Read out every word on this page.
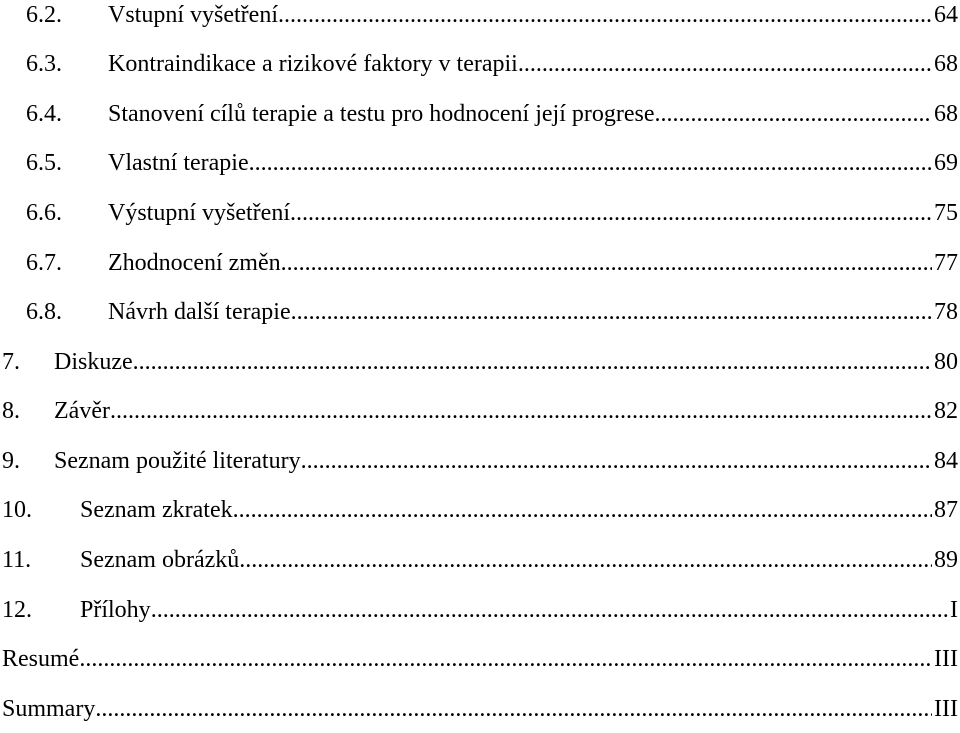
6.2. Vstupní vyšetření .....	64
6.3. Kontraindikace a rizikové faktory v terapii .....	68
6.4. Stanovení cílů terapie a testu pro hodnocení její progrese .....	68
6.5. Vlastní terapie .....	69
6.6. Výstupní vyšetření .....	75
6.7. Zhodnocení změn .....	77
6.8. Návrh další terapie .....	78
7. Diskuze .....	80
8. Závěr .....	82
9. Seznam použité literatury .....	84
10. Seznam zkratek .....	87
11. Seznam obrázků .....	89
12. Přílohy .....	I
Resumé .....	III
Summary .....	III
